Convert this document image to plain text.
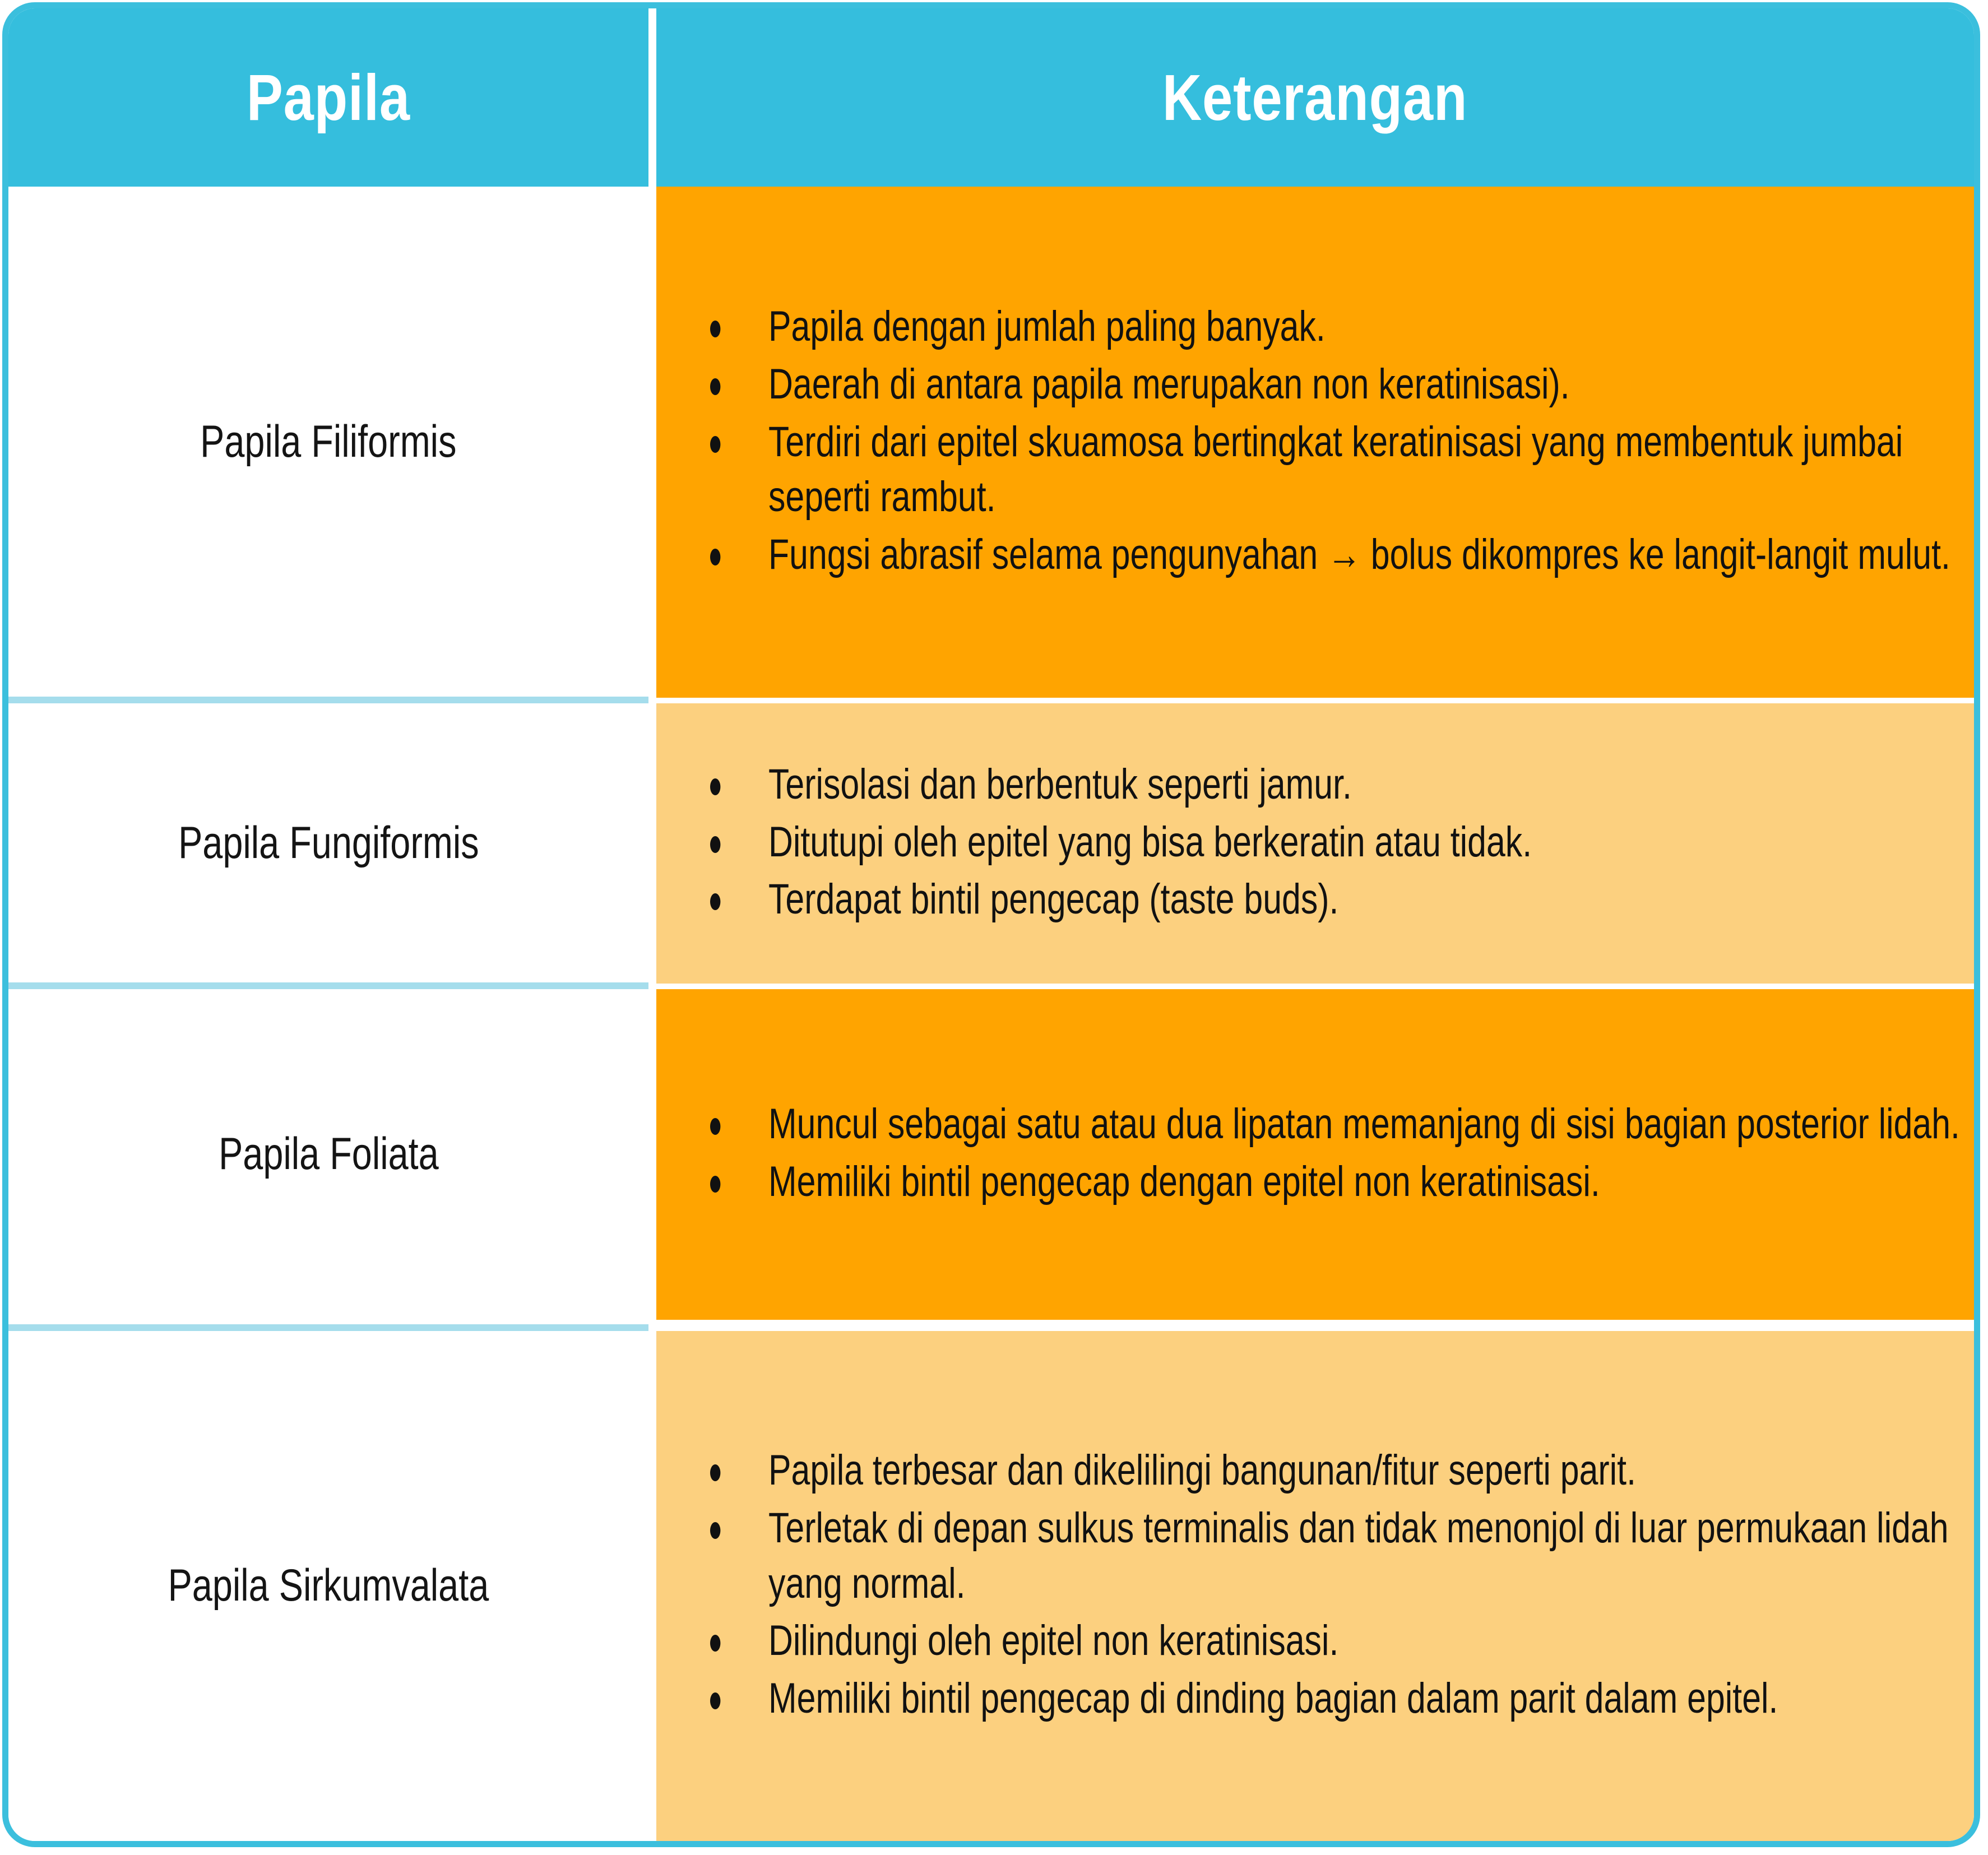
Papila	Keterangan
Papila Filiformis
Papila dengan jumlah paling banyak.
Daerah di antara papila merupakan non keratinisasi).
Terdiri dari epitel skuamosa bertingkat keratinisasi yang membentuk jumbai seperti rambut.
Fungsi abrasif selama pengunyahan → bolus dikompres ke langit-langit mulut.
Papila Fungiformis
Terisolasi dan berbentuk seperti jamur.
Ditutupi oleh epitel yang bisa berkeratin atau tidak.
Terdapat bintil pengecap (taste buds).
Papila Foliata
Muncul sebagai satu atau dua lipatan memanjang di sisi bagian posterior lidah.
Memiliki bintil pengecap dengan epitel non keratinisasi.
Papila Sirkumvalata
Papila terbesar dan dikelilingi bangunan/fitur seperti parit.
Terletak di depan sulkus terminalis dan tidak menonjol di luar permukaan lidah yang normal.
Dilindungi oleh epitel non keratinisasi.
Memiliki bintil pengecap di dinding bagian dalam parit dalam epitel.
